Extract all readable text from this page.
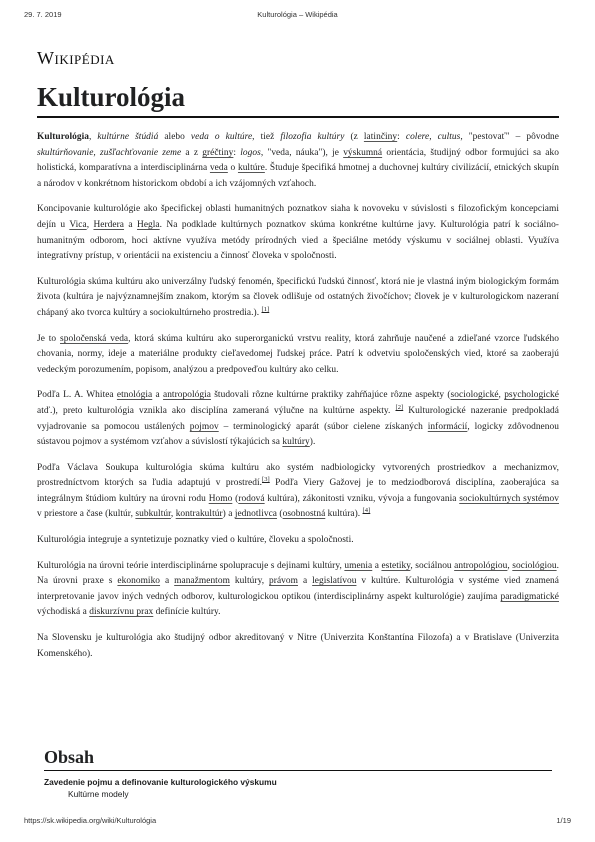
29. 7. 2019	Kulturológia – Wikipédia
Wikipédia
Kulturológia

Kulturológia, kultúrne štúdiá alebo veda o kultúre, tiež filozofia kultúry (z latinčiny: colere, cultus, "pestovať" – pôvodne skultúrňovanie, zušľachťovanie zeme a z gréčtiny: logos, "veda, náuka"), je výskumná orientácia, študijný odbor formujúci sa ako holistická, komparatívna a interdisciplinárna veda o kultúre. Študuje špecifiká hmotnej a duchovnej kultúry civilizácií, etnických skupín a národov v konkrétnom historickom období a ich vzájomných vzťahoch.

Koncipovanie kulturológie ako špecifickej oblasti humanitných poznatkov siaha k novoveku v súvislosti s filozofickým koncepciami dejín u Vica, Herdera a Hegla. Na podklade kultúrnych poznatkov skúma konkrétne kultúrne javy. Kulturológia patrí k sociálno-humanitným odborom, hoci aktívne využíva metódy prírodných vied a špeciálne metódy výskumu v sociálnej oblasti. Využíva integratívny prístup, v orientácii na existenciu a činnosť človeka v spoločnosti.

Kulturológia skúma kultúru ako univerzálny ľudský fenomén, špecifickú ľudskú činnosť, ktorá nie je vlastná iným biologickým formám života (kultúra je najvýznamnejším znakom, ktorým sa človek odlišuje od ostatných živočíchov; človek je v kulturologickom nazeraní chápaný ako tvorca kultúry a sociokultúrneho prostredia.). [1]

Je to spoločenská veda, ktorá skúma kultúru ako superorganickú vrstvu reality, ktorá zahrňuje naučené a zdieľané vzorce ľudského chovania, normy, ideje a materiálne produkty cieľavedomej ľudskej práce. Patrí k odvetviu spoločenských vied, ktoré sa zaoberajú vedeckým porozumením, popisom, analýzou a predpoveďou kultúry ako celku.

Podľa L. A. Whitea etnológia a antropológia študovali rôzne kultúrne praktiky zahŕňajúce rôzne aspekty (sociologické, psychologické atď.), preto kulturológia vznikla ako disciplína zameraná výlučne na kultúrne aspekty. [2] Kulturologické nazeranie predpokladá vyjadrovanie sa pomocou ustálených pojmov – terminologický aparát (súbor cielene získaných informácií, logicky zdôvodnenou sústavou pojmov a systémom vzťahov a súvislostí týkajúcich sa kultúry).

Podľa Václava Soukupa kulturológia skúma kultúru ako systém nadbiologicky vytvorených prostriedkov a mechanizmov, prostredníctvom ktorých sa ľudia adaptujú v prostredí.[3] Podľa Viery Gažovej je to medziodborová disciplína, zaoberajúca sa integrálnym štúdiom kultúry na úrovni rodu Homo (rodová kultúra), zákonitosti vzniku, vývoja a fungovania sociokultúrnych systémov v priestore a čase (kultúr, subkultúr, kontrakultúr) a jednotlivca (osobnostná kultúra). [4]

Kulturológia integruje a syntetizuje poznatky vied o kultúre, človeku a spoločnosti.

Kulturológia na úrovni teórie interdisciplinárne spolupracuje s dejinami kultúry, umenia a estetiky, sociálnou antropológiou, sociológiou. Na úrovni praxe s ekonomiko a manažmentom kultúry, právom a legislatívou v kultúre. Kulturológia v systéme vied znamená interpretovanie javov iných vedných odborov, kulturologickou optikou (interdisciplinárny aspekt kulturológie) zaujíma paradigmatické východiská a diskurzívnu prax definície kultúry.

Na Slovensku je kulturológia ako študijný odbor akreditovaný v Nitre (Univerzita Konštantína Filozofa) a v Bratislave (Univerzita Komenského).

Obsah
Zavedenie pojmu a definovanie kulturologického výskumu
Kultúrne modely
https://sk.wikipedia.org/wiki/Kulturológia	1/19
